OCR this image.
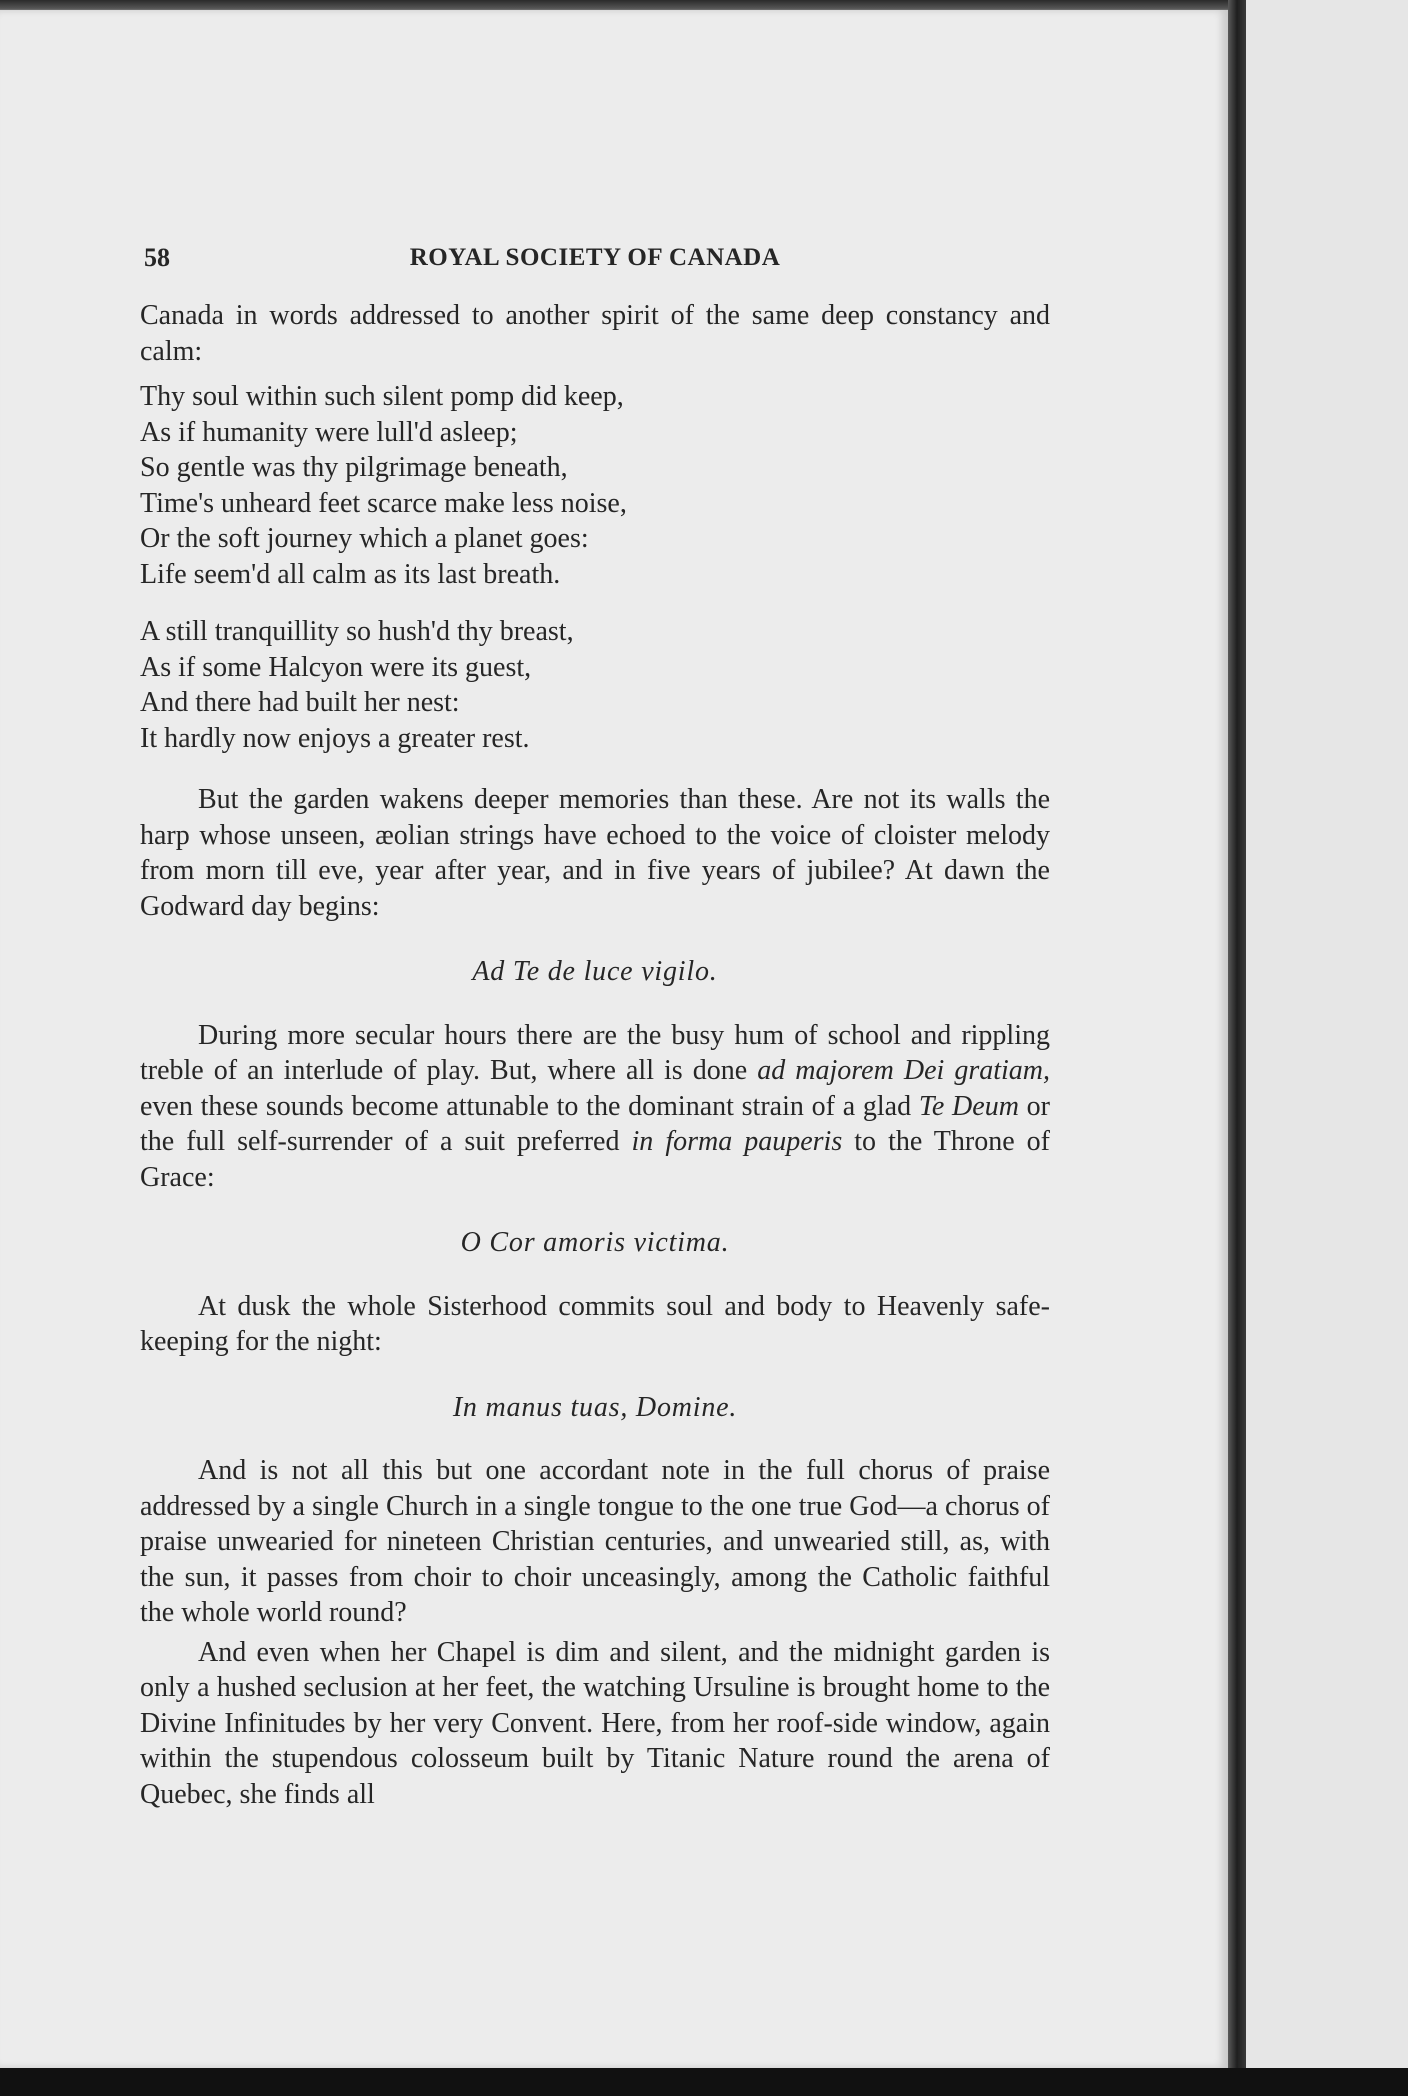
58	ROYAL SOCIETY OF CANADA

Canada in words addressed to another spirit of the same deep constancy and calm:

Thy soul within such silent pomp did keep,
As if humanity were lull'd asleep;
So gentle was thy pilgrimage beneath,
Time's unheard feet scarce make less noise,
Or the soft journey which a planet goes:
Life seem'd all calm as its last breath.
A still tranquillity so hush'd thy breast,
As if some Halcyon were its guest,
And there had built her nest:
It hardly now enjoys a greater rest.

But the garden wakens deeper memories than these. Are not its walls the harp whose unseen, æolian strings have echoed to the voice of cloister melody from morn till eve, year after year, and in five years of jubilee? At dawn the Godward day begins:

Ad Te de luce vigilo.

During more secular hours there are the busy hum of school and rippling treble of an interlude of play. But, where all is done ad majorem Dei gratiam, even these sounds become attunable to the dominant strain of a glad Te Deum or the full self-surrender of a suit preferred in forma pauperis to the Throne of Grace:

O Cor amoris victima.

At dusk the whole Sisterhood commits soul and body to Heavenly safe-keeping for the night:

In manus tuas, Domine.

And is not all this but one accordant note in the full chorus of praise addressed by a single Church in a single tongue to the one true God—a chorus of praise unwearied for nineteen Christian centuries, and unwearied still, as, with the sun, it passes from choir to choir unceasingly, among the Catholic faithful the whole world round?

And even when her Chapel is dim and silent, and the midnight garden is only a hushed seclusion at her feet, the watching Ursuline is brought home to the Divine Infinitudes by her very Convent. Here, from her roof-side window, again within the stupendous colosseum built by Titanic Nature round the arena of Quebec, she finds all
